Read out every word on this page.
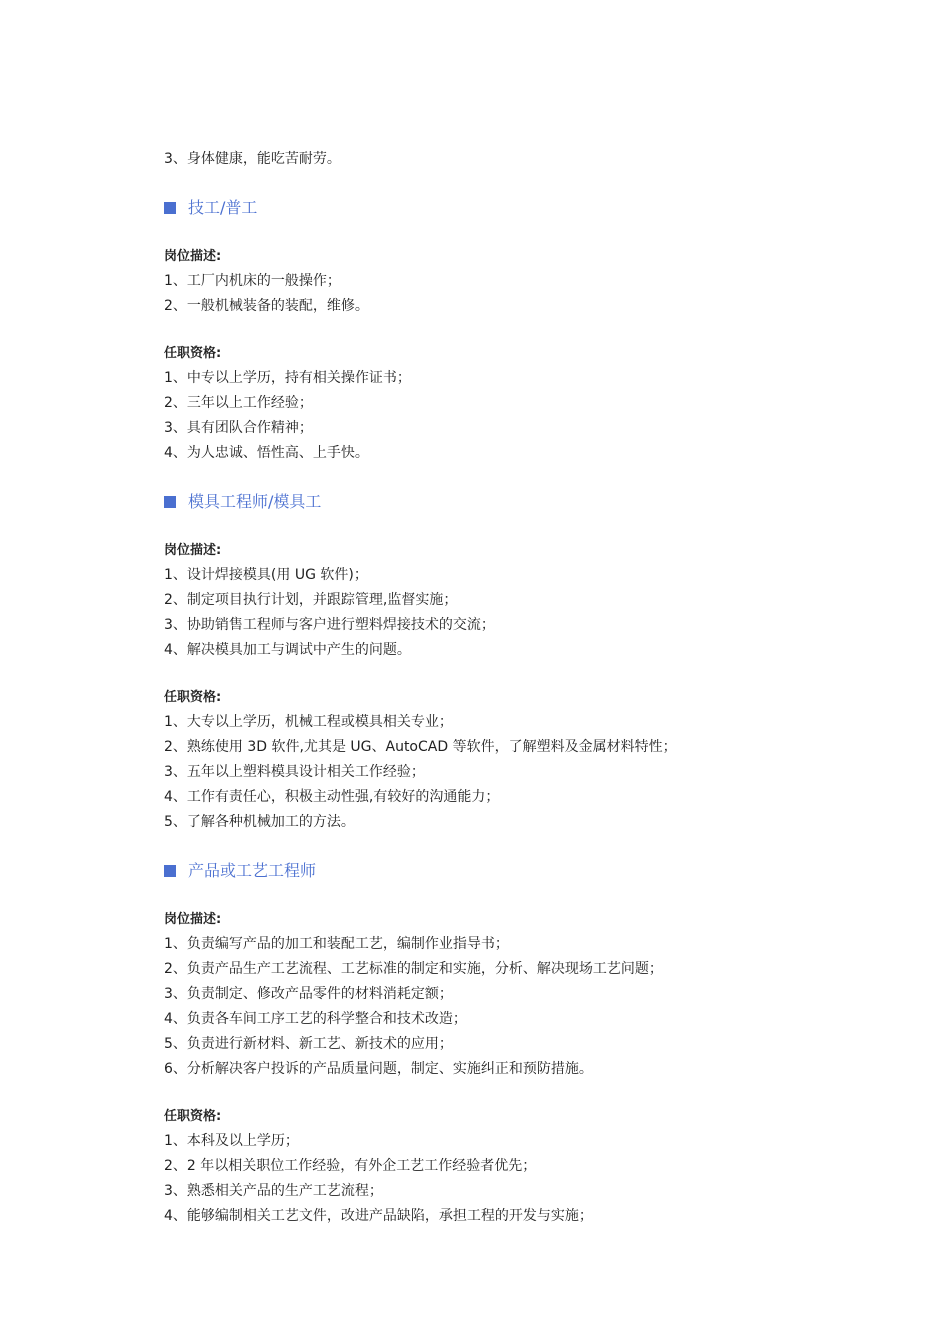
3、身体健康，能吃苦耐劳。

技工/普工

岗位描述:

1、工厂内机床的一般操作；

2、一般机械装备的装配，维修。

任职资格:

1、中专以上学历，持有相关操作证书；

2、三年以上工作经验；

3、具有团队合作精神；

4、为人忠诚、悟性高、上手快。

模具工程师/模具工

岗位描述:

1、设计焊接模具(用 UG 软件)；

2、制定项目执行计划，并跟踪管理,监督实施；

3、协助销售工程师与客户进行塑料焊接技术的交流；

4、解决模具加工与调试中产生的问题。

任职资格:

1、大专以上学历，机械工程或模具相关专业；

2、熟练使用 3D 软件,尤其是 UG、AutoCAD 等软件，了解塑料及金属材料特性；

3、五年以上塑料模具设计相关工作经验；

4、工作有责任心，积极主动性强,有较好的沟通能力；

5、了解各种机械加工的方法。

产品或工艺工程师

岗位描述:

1、负责编写产品的加工和装配工艺，编制作业指导书；

2、负责产品生产工艺流程、工艺标准的制定和实施，分析、解决现场工艺问题；

3、负责制定、修改产品零件的材料消耗定额；

4、负责各车间工序工艺的科学整合和技术改造；

5、负责进行新材料、新工艺、新技术的应用；

6、分析解决客户投诉的产品质量问题，制定、实施纠正和预防措施。

任职资格:

1、本科及以上学历；

2、2 年以相关职位工作经验，有外企工艺工作经验者优先；

3、熟悉相关产品的生产工艺流程；

4、能够编制相关工艺文件，改进产品缺陷，承担工程的开发与实施；
